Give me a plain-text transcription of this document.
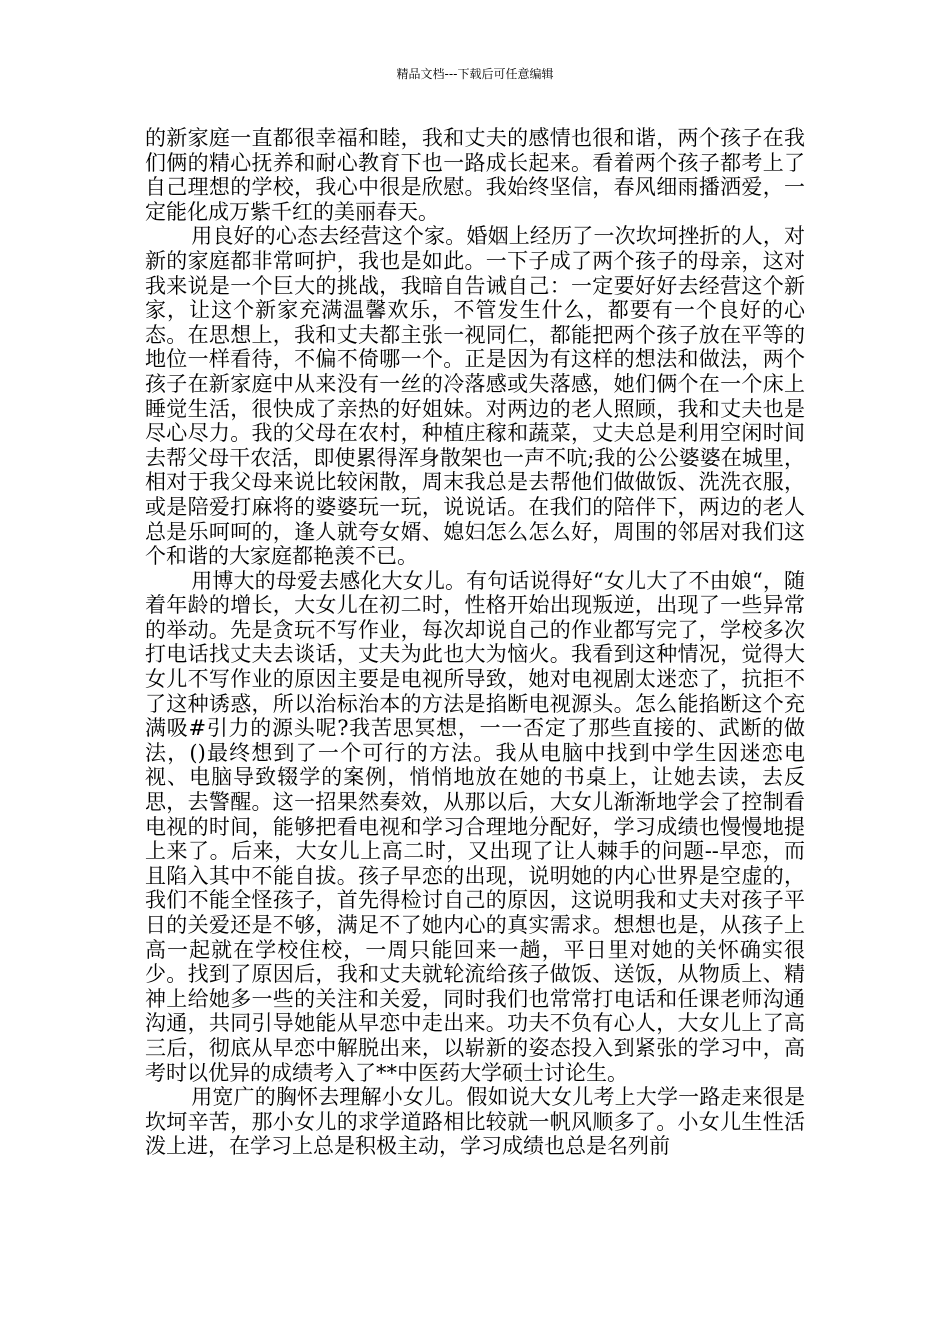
精品文档---下载后可任意编辑

的新家庭一直都很幸福和睦，我和丈夫的感情也很和谐，两个孩子在我们俩的精心抚养和耐心教育下也一路成长起来。看着两个孩子都考上了自己理想的学校，我心中很是欣慰。我始终坚信，春风细雨播洒爱，一定能化成万紫千红的美丽春天。

用良好的心态去经营这个家。婚姻上经历了一次坎坷挫折的人，对新的家庭都非常呵护，我也是如此。一下子成了两个孩子的母亲，这对我来说是一个巨大的挑战，我暗自告诫自己：一定要好好去经营这个新家，让这个新家充满温馨欢乐，不管发生什么，都要有一个良好的心态。在思想上，我和丈夫都主张一视同仁，都能把两个孩子放在平等的地位一样看待，不偏不倚哪一个。正是因为有这样的想法和做法，两个孩子在新家庭中从来没有一丝的冷落感或失落感，她们俩个在一个床上睡觉生活，很快成了亲热的好姐妹。对两边的老人照顾，我和丈夫也是尽心尽力。我的父母在农村，种植庄稼和蔬菜，丈夫总是利用空闲时间去帮父母干农活，即使累得浑身散架也一声不吭;我的公公婆婆在城里，相对于我父母来说比较闲散，周末我总是去帮他们做做饭、洗洗衣服，或是陪爱打麻将的婆婆玩一玩，说说话。在我们的陪伴下，两边的老人总是乐呵呵的，逢人就夸女婿、媳妇怎么怎么好，周围的邻居对我们这个和谐的大家庭都艳羡不已。

用博大的母爱去感化大女儿。有句话说得好“女儿大了不由娘“，随着年龄的增长，大女儿在初二时，性格开始出现叛逆，出现了一些异常的举动。先是贪玩不写作业，每次却说自己的作业都写完了，学校多次打电话找丈夫去谈话，丈夫为此也大为恼火。我看到这种情况，觉得大女儿不写作业的原因主要是电视所导致，她对电视剧太迷恋了，抗拒不了这种诱惑，所以治标治本的方法是掐断电视源头。怎么能掐断这个充满吸#引力的源头呢?我苦思冥想，一一否定了那些直接的、武断的做法，()最终想到了一个可行的方法。我从电脑中找到中学生因迷恋电视、电脑导致辍学的案例，悄悄地放在她的书桌上，让她去读，去反思，去警醒。这一招果然奏效，从那以后，大女儿渐渐地学会了控制看电视的时间，能够把看电视和学习合理地分配好，学习成绩也慢慢地提上来了。后来，大女儿上高二时，又出现了让人棘手的问题--早恋，而且陷入其中不能自拔。孩子早恋的出现，说明她的内心世界是空虚的，我们不能全怪孩子，首先得检讨自己的原因，这说明我和丈夫对孩子平日的关爱还是不够，满足不了她内心的真实需求。想想也是，从孩子上高一起就在学校住校，一周只能回来一趟，平日里对她的关怀确实很少。找到了原因后，我和丈夫就轮流给孩子做饭、送饭，从物质上、精神上给她多一些的关注和关爱，同时我们也常常打电话和任课老师沟通沟通，共同引导她能从早恋中走出来。功夫不负有心人，大女儿上了高三后，彻底从早恋中解脱出来，以崭新的姿态投入到紧张的学习中，高考时以优异的成绩考入了**中医药大学硕士讨论生。

用宽广的胸怀去理解小女儿。假如说大女儿考上大学一路走来很是坎坷辛苦，那小女儿的求学道路相比较就一帆风顺多了。小女儿生性活泼上进，在学习上总是积极主动，学习成绩也总是名列前
